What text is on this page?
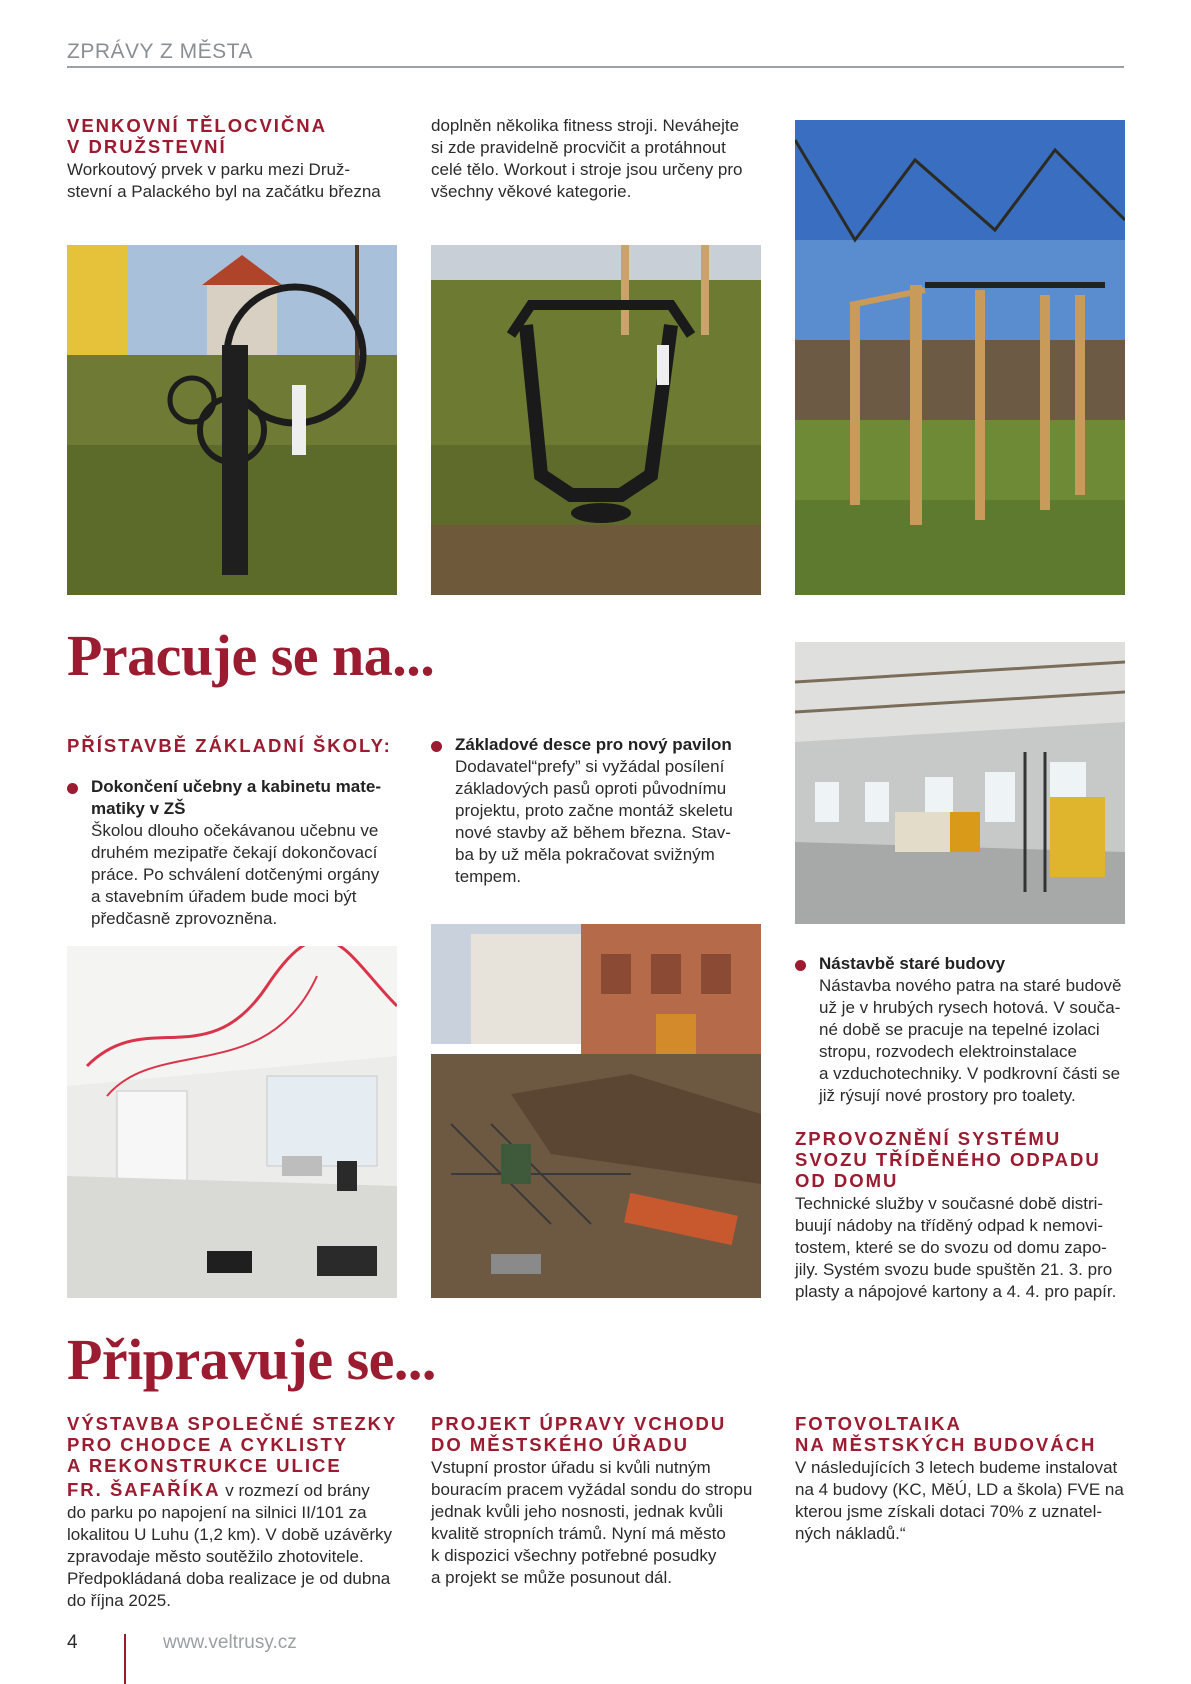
ZPRÁVY Z MĚSTA
VENKOVNÍ TĚLOCVIČNA
V DRUŽSTEVNÍ
Workoutový prvek v parku mezi Druž-
stevní a Palackého byl na začátku března
doplněn několika fitness stroji. Neváhejte
si zde pravidelně procvičit a protáhnout
celé tělo. Workout i stroje jsou určeny pro
všechny věkové kategorie.
Pracuje se na...
PŘÍSTAVBĚ ZÁKLADNÍ ŠKOLY:
Dokončení učebny a kabinetu mate-
matiky v ZŠ
Školou dlouho očekávanou učebnu ve
druhém mezipatře čekají dokončovací
práce. Po schválení dotčenými orgány
a stavebním úřadem bude moci být
předčasně zprovozněna.
Základové desce pro nový pavilon
Dodavatel“prefy” si vyžádal posílení
základových pasů oproti původnímu
projektu, proto začne montáž skeletu
nové stavby až během března. Stav-
ba by už měla pokračovat svižným
tempem.
Nástavbě staré budovy
Nástavba nového patra na staré budově
už je v hrubých rysech hotová. V souča-
né době se pracuje na tepelné izolaci
stropu, rozvodech elektroinstalace
a vzduchotechniky. V podkrovní části se
již rýsují nové prostory pro toalety.
ZPROVOZNĚNÍ SYSTÉMU
SVOZU TŘÍDĚNÉHO ODPADU
OD DOMU
Technické služby v současné době distri-
buují nádoby na tříděný odpad k nemovi-
tostem, které se do svozu od domu zapo-
jily. Systém svozu bude spuštěn 21. 3. pro
plasty a nápojové kartony a 4. 4. pro papír.
Připravuje se...
VÝSTAVBA SPOLEČNÉ STEZKY
PRO CHODCE A CYKLISTY
A REKONSTRUKCE ULICE
FR. ŠAFAŘÍKA v rozmezí od brány
do parku po napojení na silnici II/101 za
lokalitou U Luhu (1,2 km). V době uzávěrky
zpravodaje město soutěžilo zhotovitele.
Předpokládaná doba realizace je od dubna
do října 2025.
PROJEKT ÚPRAVY VCHODU
DO MĚSTSKÉHO ÚŘADU
Vstupní prostor úřadu si kvůli nutným
bouracím pracem vyžádal sondu do stropu
jednak kvůli jeho nosnosti, jednak kvůli
kvalitě stropních trámů. Nyní má město
k dispozici všechny potřebné posudky
a projekt se může posunout dál.
FOTOVOLTAIKA
NA MĚSTSKÝCH BUDOVÁCH
V následujících 3 letech budeme instalovat
na 4 budovy (KC, MěÚ, LD a škola) FVE na
kterou jsme získali dotaci 70% z uznatel-
ných nákladů.“
4	www.veltrusy.cz
